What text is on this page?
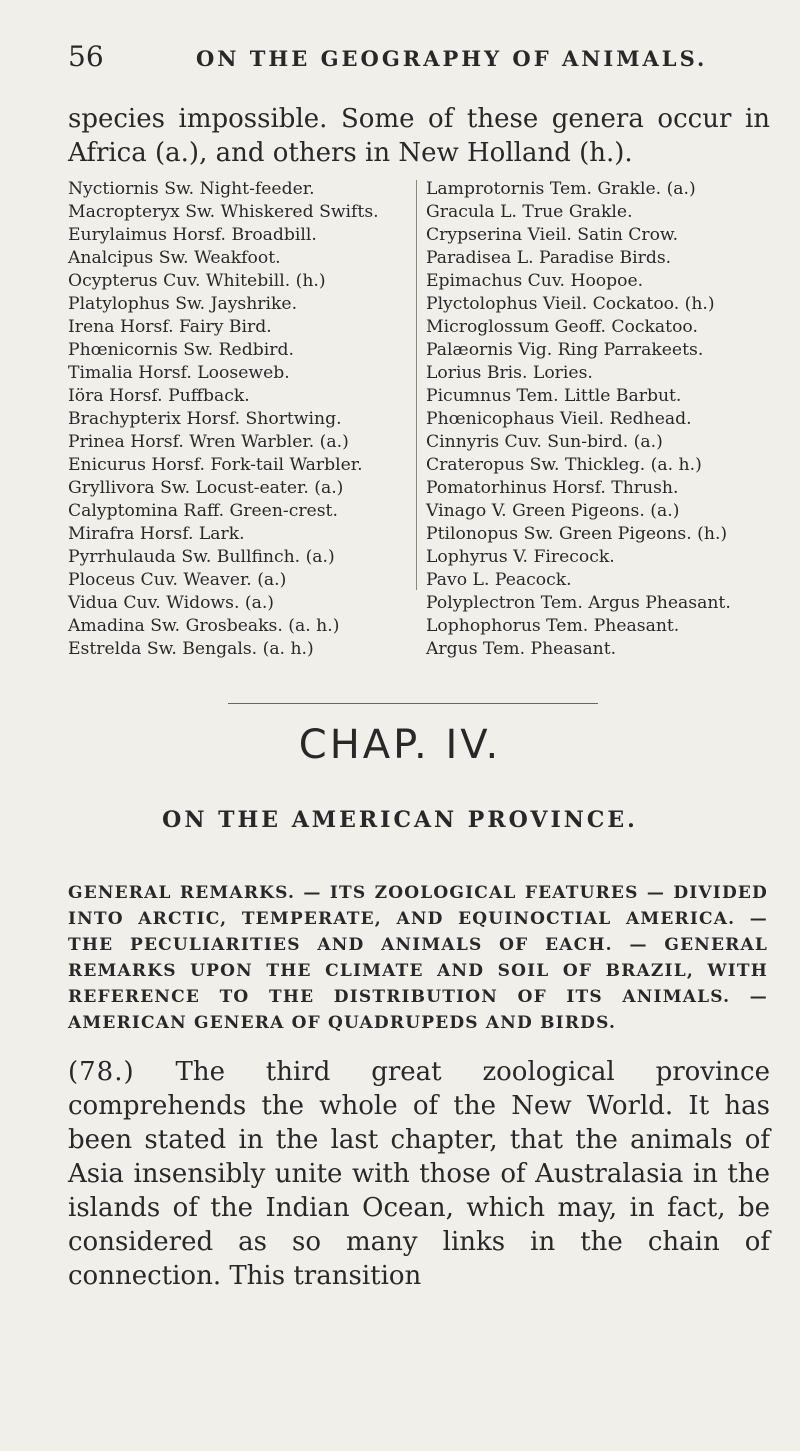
56	ON THE GEOGRAPHY OF ANIMALS.
species impossible. Some of these genera occur in Africa (a.), and others in New Holland (h.).
Nyctiornis Sw. Night-feeder.
Macropteryx Sw. Whiskered Swifts.
Eurylaimus Horsf. Broadbill.
Analcipus Sw. Weakfoot.
Ocypterus Cuv. Whitebill. (h.)
Platylophus Sw. Jayshrike.
Irena Horsf. Fairy Bird.
Phœnicornis Sw. Redbird.
Timalia Horsf. Looseweb.
Iöra Horsf. Puffback.
Brachypterix Horsf. Shortwing.
Prinea Horsf. Wren Warbler. (a.)
Enicurus Horsf. Fork-tail Warbler.
Gryllivora Sw. Locust-eater. (a.)
Calyptomina Raff. Green-crest.
Mirafra Horsf. Lark.
Pyrrhulauda Sw. Bullfinch. (a.)
Ploceus Cuv. Weaver. (a.)
Vidua Cuv. Widows. (a.)
Amadina Sw. Grosbeaks. (a. h.)
Estrelda Sw. Bengals. (a. h.)
Lamprotornis Tem. Grakle. (a.)
Gracula L. True Grakle.
Crypserina Vieil. Satin Crow.
Paradisea L. Paradise Birds.
Epimachus Cuv. Hoopoe.
Plyctolophus Vieil. Cockatoo. (h.)
Microglossum Geoff. Cockatoo.
Palæornis Vig. Ring Parrakeets.
Lorius Bris. Lories.
Picumnus Tem. Little Barbut.
Phœnicophaus Vieil. Redhead.
Cinnyris Cuv. Sun-bird. (a.)
Crateropus Sw. Thickleg. (a. h.)
Pomatorhinus Horsf. Thrush.
Vinago V. Green Pigeons. (a.)
Ptilonopus Sw. Green Pigeons. (h.)
Lophyrus V. Firecock.
Pavo L. Peacock.
Polyplectron Tem. Argus Pheasant.
Lophophorus Tem. Pheasant.
Argus Tem. Pheasant.
CHAP. IV.
ON THE AMERICAN PROVINCE.
GENERAL REMARKS. — ITS ZOOLOGICAL FEATURES — DIVIDED INTO ARCTIC, TEMPERATE, AND EQUINOCTIAL AMERICA. — THE PECULIARITIES AND ANIMALS OF EACH. — GENERAL REMARKS UPON THE CLIMATE AND SOIL OF BRAZIL, WITH REFERENCE TO THE DISTRIBUTION OF ITS ANIMALS. — AMERICAN GENERA OF QUADRUPEDS AND BIRDS.
(78.) The third great zoological province comprehends the whole of the New World. It has been stated in the last chapter, that the animals of Asia insensibly unite with those of Australasia in the islands of the Indian Ocean, which may, in fact, be considered as so many links in the chain of connection. This transition
